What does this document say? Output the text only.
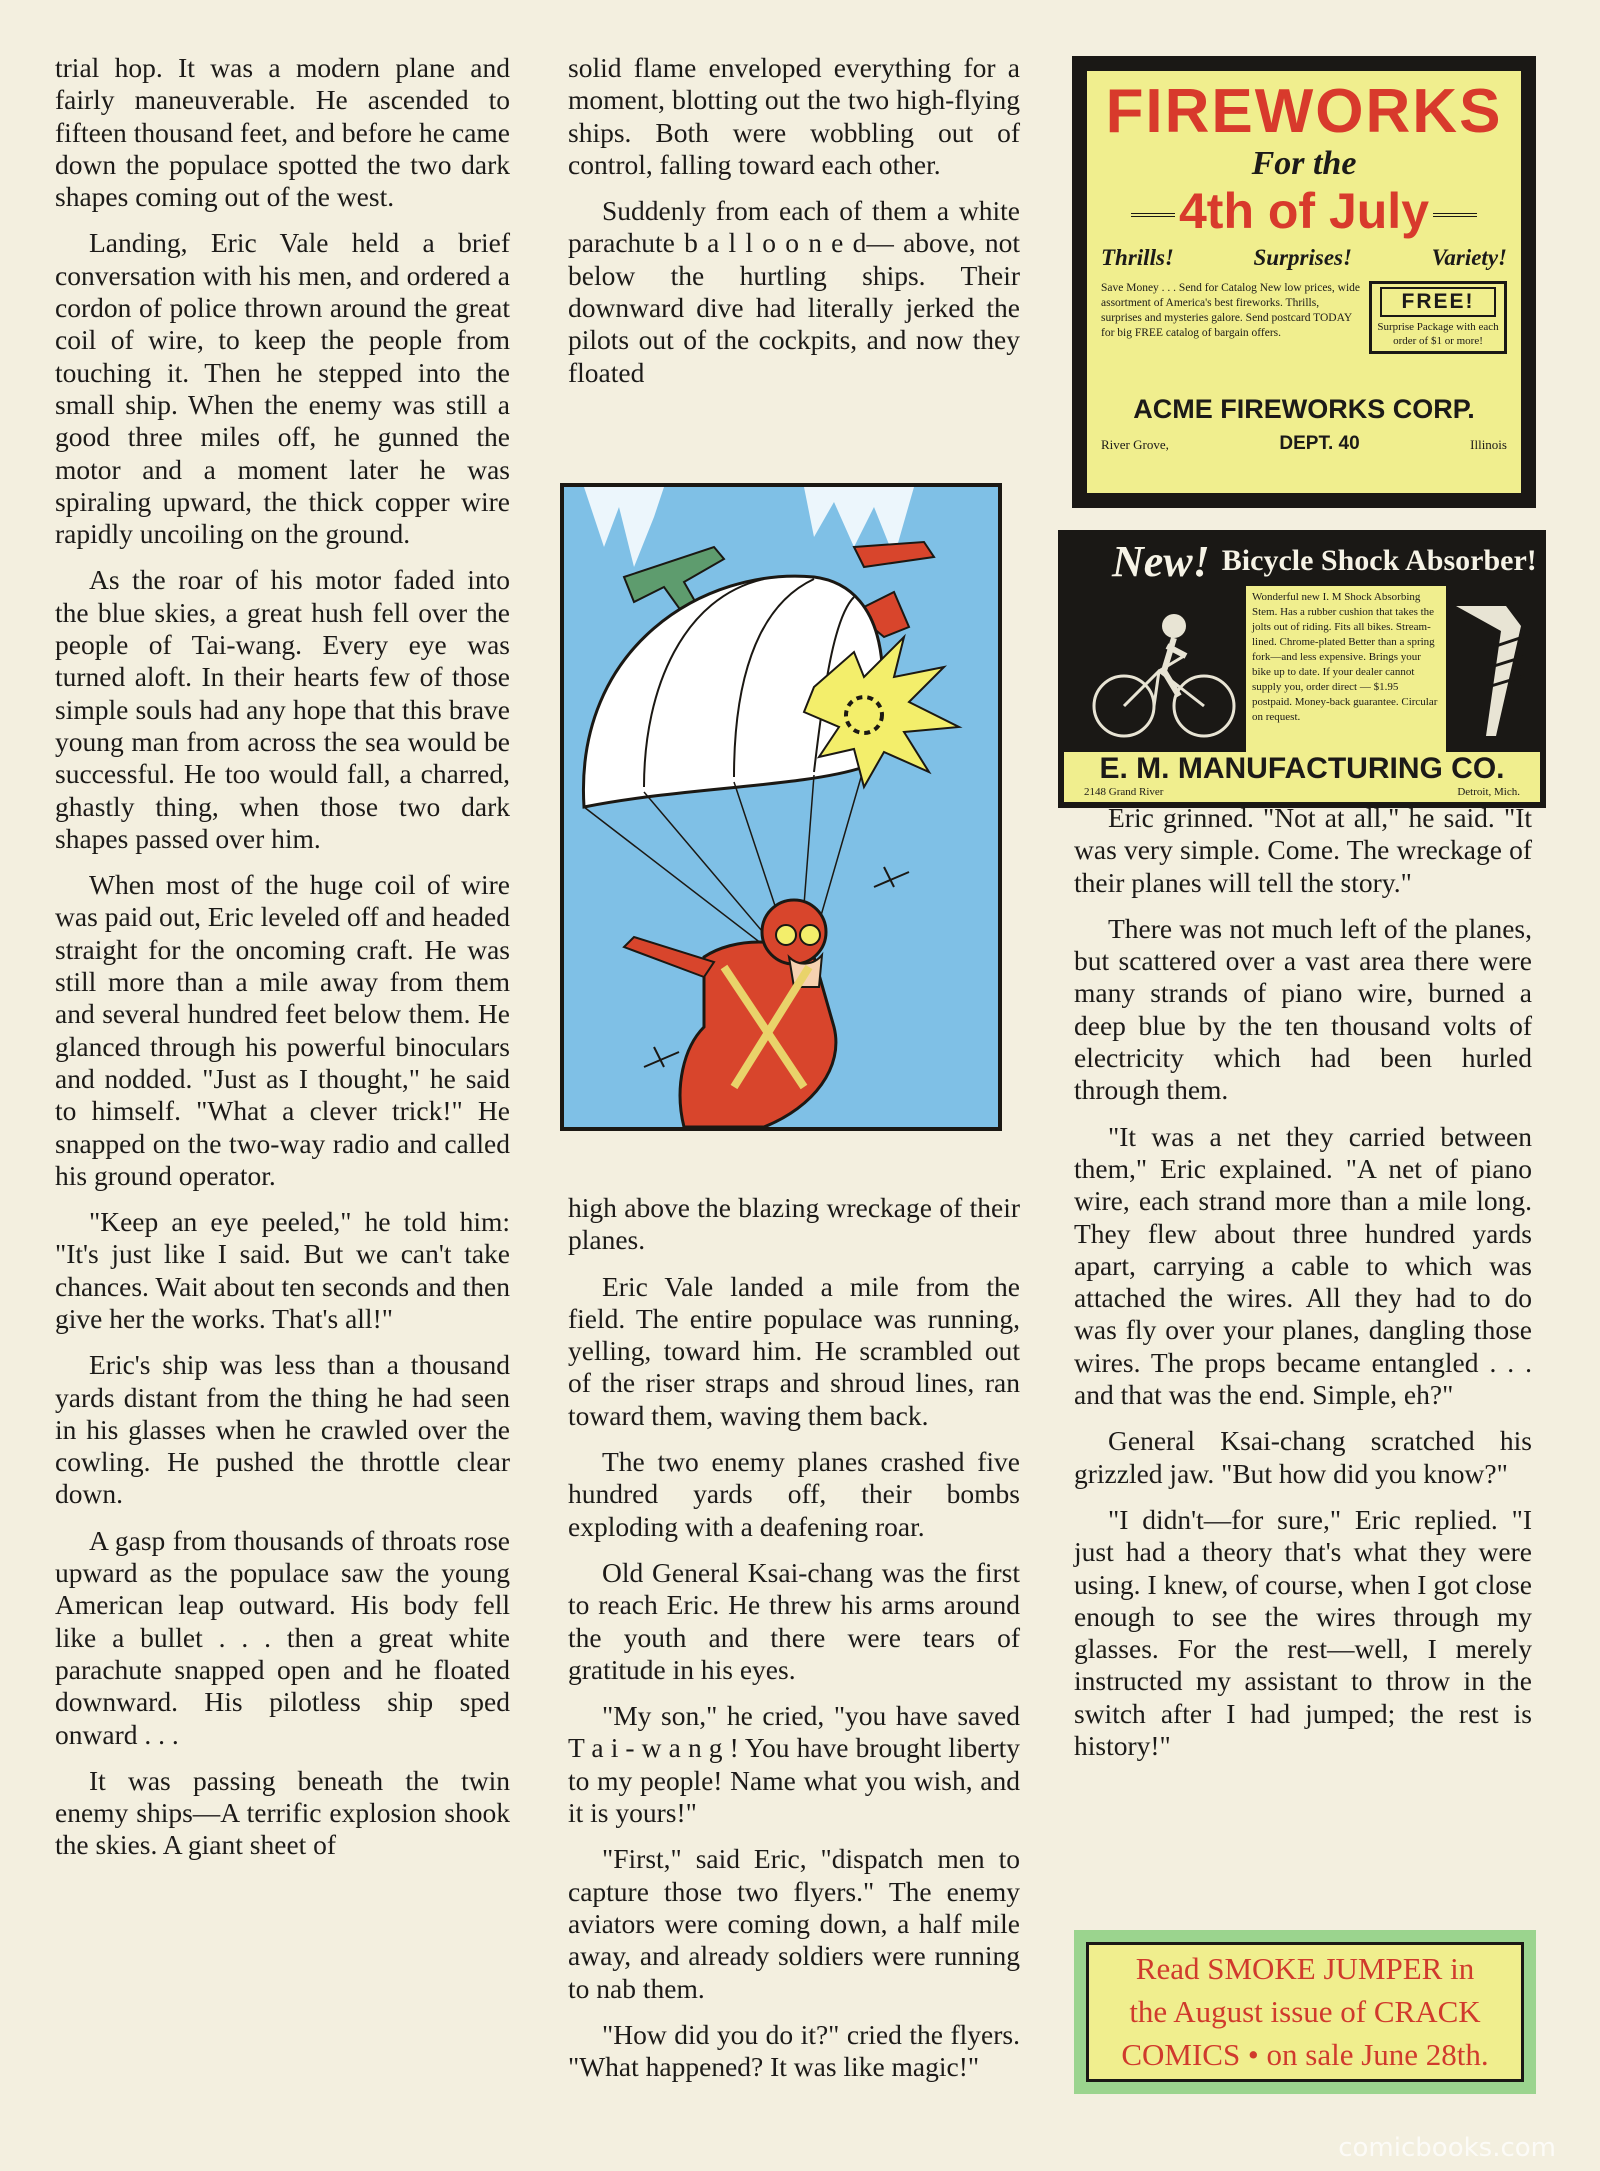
trial hop. It was a modern plane and fairly maneuverable. He ascended to fifteen thousand feet, and before he came down the populace spotted the two dark shapes coming out of the west.

Landing, Eric Vale held a brief conversation with his men, and ordered a cordon of police thrown around the great coil of wire, to keep the people from touching it. Then he stepped into the small ship. When the enemy was still a good three miles off, he gunned the motor and a moment later he was spiraling upward, the thick copper wire rapidly uncoiling on the ground.

As the roar of his motor faded into the blue skies, a great hush fell over the people of Tai-wang. Every eye was turned aloft. In their hearts few of those simple souls had any hope that this brave young man from across the sea would be successful. He too would fall, a charred, ghastly thing, when those two dark shapes passed over him.

When most of the huge coil of wire was paid out, Eric leveled off and headed straight for the oncoming craft. He was still more than a mile away from them and several hundred feet below them. He glanced through his powerful binoculars and nodded. "Just as I thought," he said to himself. "What a clever trick!" He snapped on the two-way radio and called his ground operator.

"Keep an eye peeled," he told him: "It's just like I said. But we can't take chances. Wait about ten seconds and then give her the works. That's all!"

Eric's ship was less than a thousand yards distant from the thing he had seen in his glasses when he crawled over the cowling. He pushed the throttle clear down.

A gasp from thousands of throats rose upward as the populace saw the young American leap outward. His body fell like a bullet . . . then a great white parachute snapped open and he floated downward. His pilotless ship sped onward . . .

It was passing beneath the twin enemy ships—A terrific explosion shook the skies. A giant sheet of

solid flame enveloped everything for a moment, blotting out the two high-flying ships. Both were wobbling out of control, falling toward each other.

Suddenly from each of them a white parachute b a l l o o n e d— above, not below the hurtling ships. Their downward dive had literally jerked the pilots out of the cockpits, and now they floated

high above the blazing wreckage of their planes.

Eric Vale landed a mile from the field. The entire populace was running, yelling, toward him. He scrambled out of the riser straps and shroud lines, ran toward them, waving them back.

The two enemy planes crashed five hundred yards off, their bombs exploding with a deafening roar.

Old General Ksai-chang was the first to reach Eric. He threw his arms around the youth and there were tears of gratitude in his eyes.

"My son," he cried, "you have saved T a i - w a n g ! You have brought liberty to my people! Name what you wish, and it is yours!"

"First," said Eric, "dispatch men to capture those two flyers." The enemy aviators were coming down, a half mile away, and already soldiers were running to nab them.

"How did you do it?" cried the flyers. "What happened? It was like magic!"

FIREWORKS
For the
4th of July
Thrills!	Surprises!	Variety!
Save Money . . . Send for Catalog New low prices, wide assortment of America's best fireworks. Thrills, surprises and mysteries galore. Send postcard TODAY for big FREE catalog of bargain offers.
FREE!
Surprise Package with each order of $1 or more!
ACME FIREWORKS CORP.
River Grove,	DEPT. 40	Illinois
New! Bicycle Shock Absorber!
Wonderful new I. M Shock Absorbing Stem. Has a rubber cushion that takes the jolts out of riding. Fits all bikes. Stream-lined. Chrome-plated Better than a spring fork—and less expensive. Brings your bike up to date. If your dealer cannot supply you, order direct — $1.95 postpaid. Money-back guarantee. Circular on request.
E. M. MANUFACTURING CO.
2148 Grand River	Detroit, Mich.

Eric grinned. "Not at all," he said. "It was very simple. Come. The wreckage of their planes will tell the story."

There was not much left of the planes, but scattered over a vast area there were many strands of piano wire, burned a deep blue by the ten thousand volts of electricity which had been hurled through them.

"It was a net they carried between them," Eric explained. "A net of piano wire, each strand more than a mile long. They flew about three hundred yards apart, carrying a cable to which was attached the wires. All they had to do was fly over your planes, dangling those wires. The props became entangled . . . and that was the end. Simple, eh?"

General Ksai-chang scratched his grizzled jaw. "But how did you know?"

"I didn't—for sure," Eric replied. "I just had a theory that's what they were using. I knew, of course, when I got close enough to see the wires through my glasses. For the rest—well, I merely instructed my assistant to throw in the switch after I had jumped; the rest is history!"

Read SMOKE JUMPER in
the August issue of CRACK
COMICS • on sale June 28th.
comicbooks.com
